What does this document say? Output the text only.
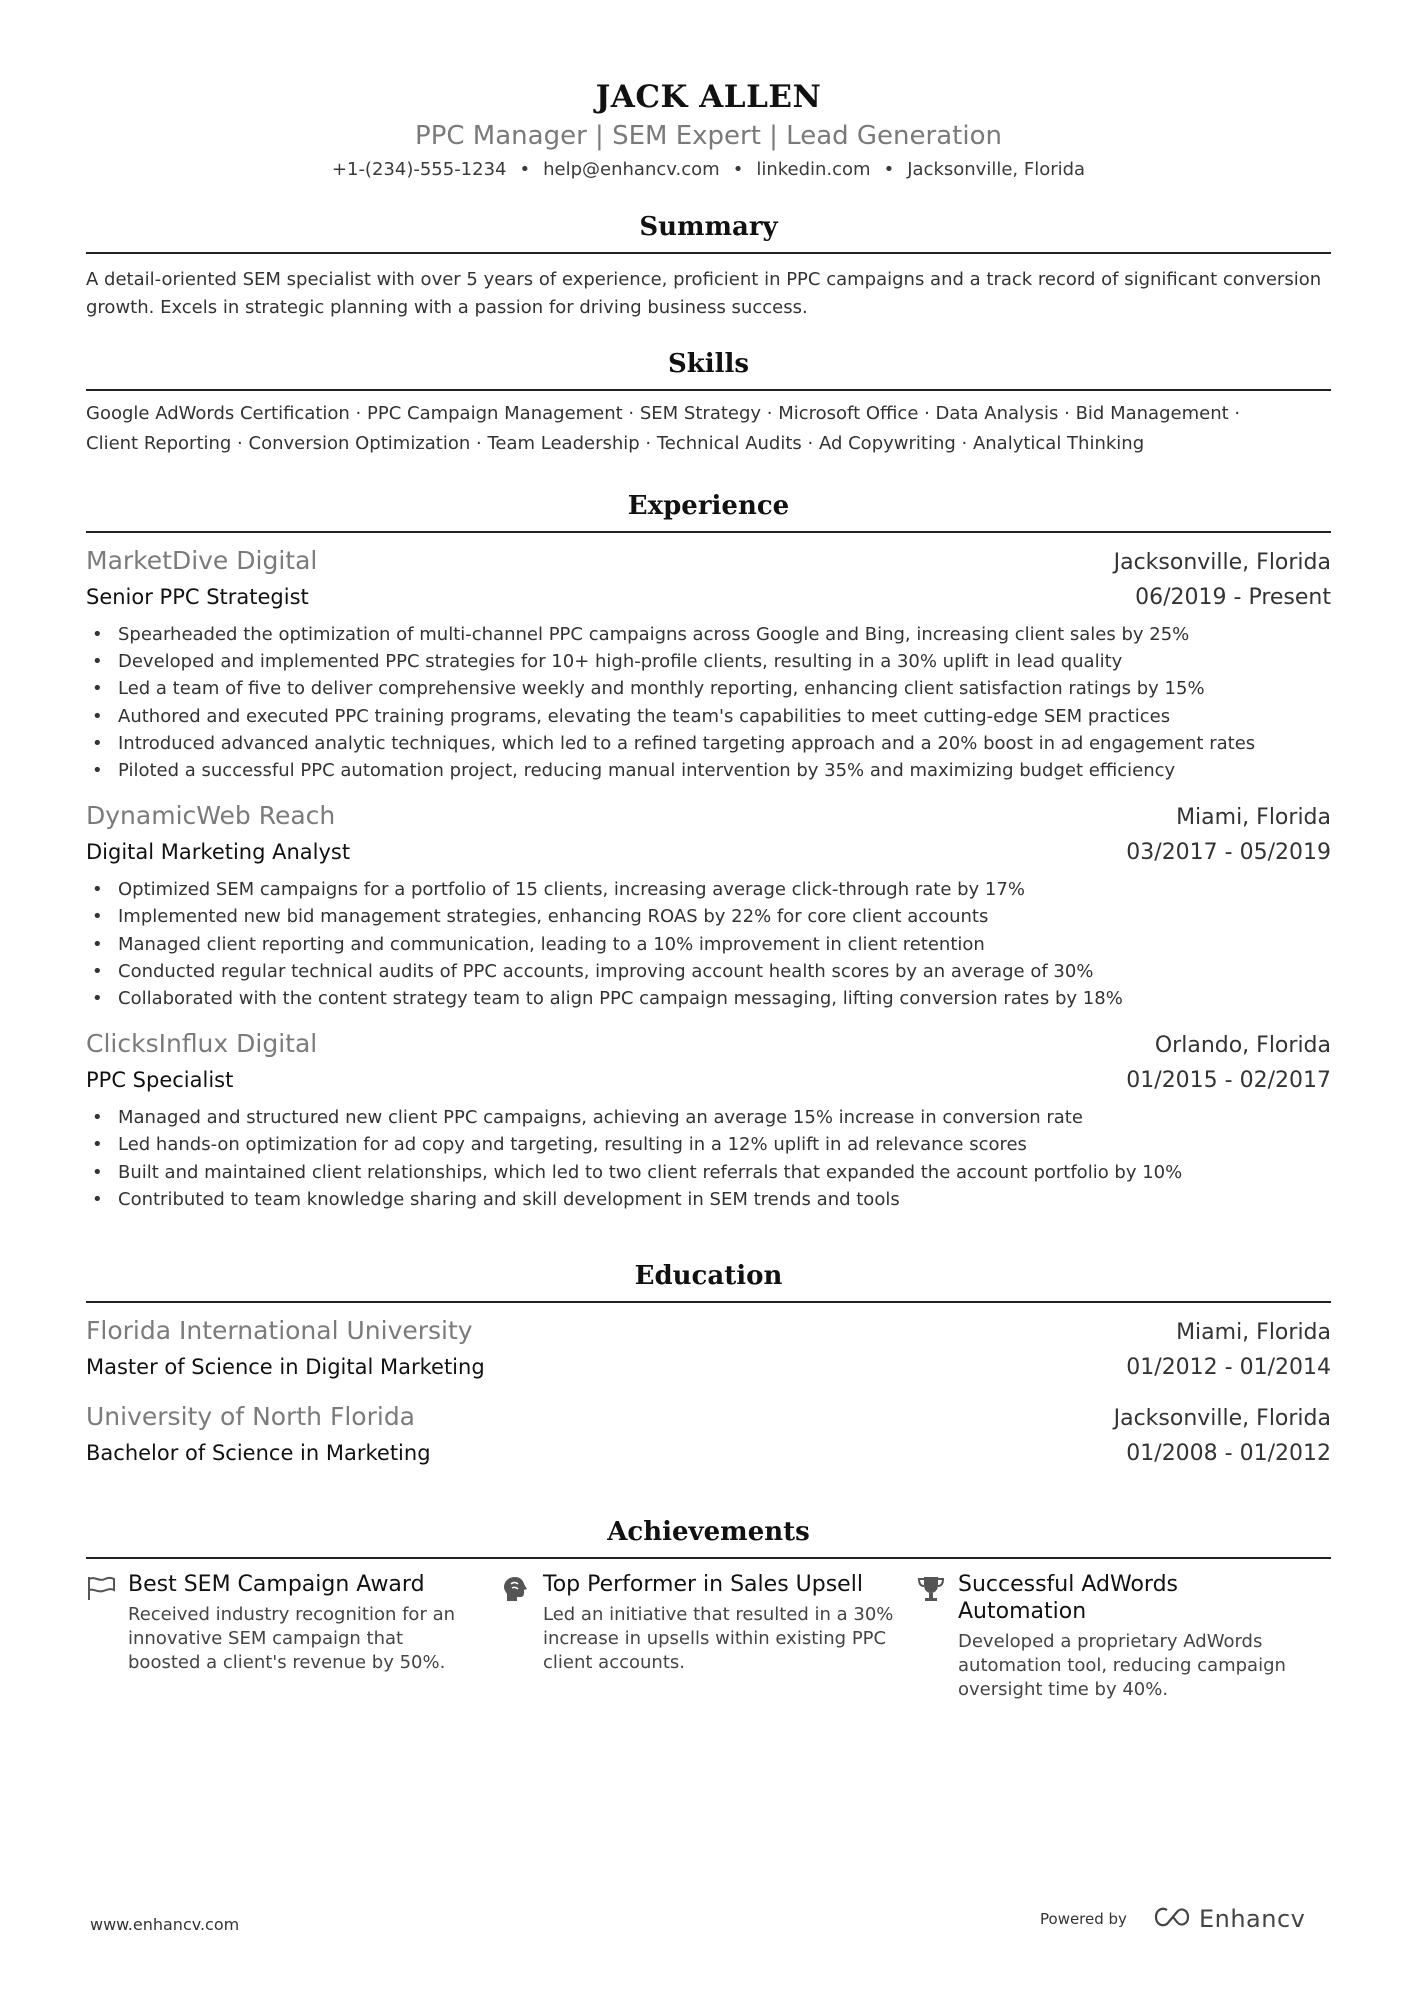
JACK ALLEN
PPC Manager | SEM Expert | Lead Generation
+1-(234)-555-1234 • help@enhancv.com • linkedin.com • Jacksonville, Florida
Summary
A detail-oriented SEM specialist with over 5 years of experience, proficient in PPC campaigns and a track record of significant conversion growth. Excels in strategic planning with a passion for driving business success.
Skills
Google AdWords Certification · PPC Campaign Management · SEM Strategy · Microsoft Office · Data Analysis · Bid Management ·
Client Reporting · Conversion Optimization · Team Leadership · Technical Audits · Ad Copywriting · Analytical Thinking
Experience
MarketDive Digital	Jacksonville, Florida
Senior PPC Strategist	06/2019 - Present
• Spearheaded the optimization of multi-channel PPC campaigns across Google and Bing, increasing client sales by 25%
• Developed and implemented PPC strategies for 10+ high-profile clients, resulting in a 30% uplift in lead quality
• Led a team of five to deliver comprehensive weekly and monthly reporting, enhancing client satisfaction ratings by 15%
• Authored and executed PPC training programs, elevating the team's capabilities to meet cutting-edge SEM practices
• Introduced advanced analytic techniques, which led to a refined targeting approach and a 20% boost in ad engagement rates
• Piloted a successful PPC automation project, reducing manual intervention by 35% and maximizing budget efficiency
DynamicWeb Reach	Miami, Florida
Digital Marketing Analyst	03/2017 - 05/2019
• Optimized SEM campaigns for a portfolio of 15 clients, increasing average click-through rate by 17%
• Implemented new bid management strategies, enhancing ROAS by 22% for core client accounts
• Managed client reporting and communication, leading to a 10% improvement in client retention
• Conducted regular technical audits of PPC accounts, improving account health scores by an average of 30%
• Collaborated with the content strategy team to align PPC campaign messaging, lifting conversion rates by 18%
ClicksInflux Digital	Orlando, Florida
PPC Specialist	01/2015 - 02/2017
• Managed and structured new client PPC campaigns, achieving an average 15% increase in conversion rate
• Led hands-on optimization for ad copy and targeting, resulting in a 12% uplift in ad relevance scores
• Built and maintained client relationships, which led to two client referrals that expanded the account portfolio by 10%
• Contributed to team knowledge sharing and skill development in SEM trends and tools
Education
Florida International University	Miami, Florida
Master of Science in Digital Marketing	01/2012 - 01/2014
University of North Florida	Jacksonville, Florida
Bachelor of Science in Marketing	01/2008 - 01/2012
Achievements
Best SEM Campaign Award
Received industry recognition for an innovative SEM campaign that boosted a client's revenue by 50%.
Top Performer in Sales Upsell
Led an initiative that resulted in a 30% increase in upsells within existing PPC client accounts.
Successful AdWords Automation
Developed a proprietary AdWords automation tool, reducing campaign oversight time by 40%.
www.enhancv.com	Powered by	Enhancv
